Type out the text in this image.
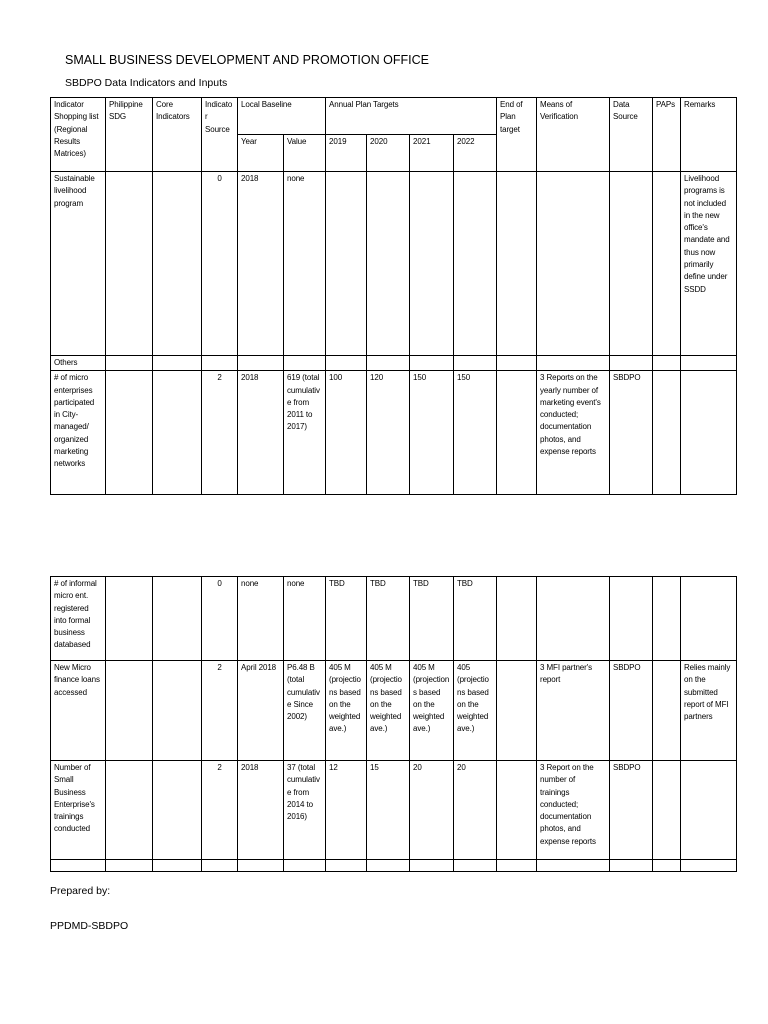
SMALL BUSINESS DEVELOPMENT AND PROMOTION OFFICE
SBDPO Data Indicators and Inputs
Indicator Shopping list (Regional Results Matrices)	Philippine SDG	Core Indicators	Indicator Source	Local Baseline		Annual Plan Targets				End of Plan target	Means of Verification	Data Source	PAPs	Remarks
				Year	Value	2019	2020	2021	2022					
Sustainable livelihood program			0	2018	none									Livelihood programs is not included in the new office's mandate and thus now primarily define under SSDD
Others														
# of micro enterprises participated in City-managed/ organized marketing networks			2	2018	619 (total cumulative from 2011 to 2017)	100	120	150	150		3 Reports on the yearly number of marketing event's conducted; documentation photos, and expense reports	SBDPO		
# of informal micro ent. registered into formal business databased			0	none	none	TBD	TBD	TBD	TBD					
New Micro finance loans accessed			2	April 2018	P6.48 B (total cumulative Since 2002)	405 M (projections based on the weighted ave.)	405 M (projections based on the weighted ave.)	405 M (projections based on the weighted ave.)	405 (projections based on the weighted ave.)		3 MFI partner's report	SBDPO		Relies mainly on the submitted report of MFI partners
Number of Small Business Enterprise's trainings conducted			2	2018	37 (total cumulative from 2014 to 2016)	12	15	20	20		3 Report on the number of trainings conducted; documentation photos, and expense reports	SBDPO		

Prepared by:
PPDMD-SBDPO
